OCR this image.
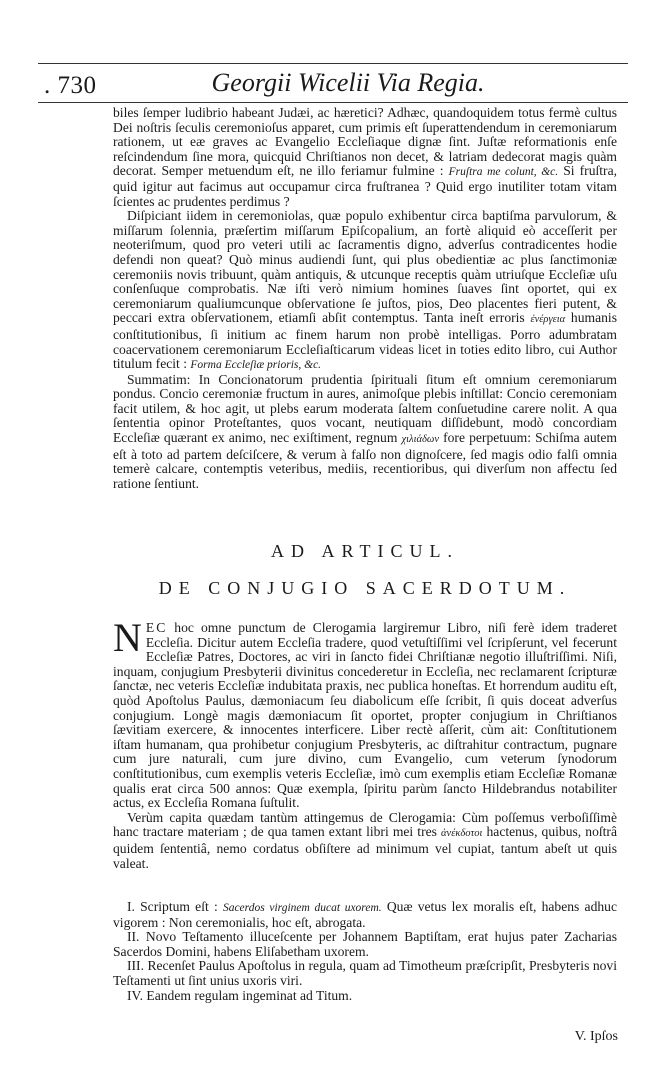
. 730	Georgii Wicelii Via Regia.

biles ſemper ludibrio habeant Judæi, ac hæretici? Adhæc, quandoquidem totus fermè cultus Dei noſtris ſeculis ceremonioſus apparet, cum primis eſt ſuperattendendum in ceremoniarum rationem, ut eæ graves ac Evangelio Eccleſiaque dignæ ſint. Juſtæ reformationis enſe reſcindendum ſine mora, quicquid Chriſtianos non decet, & latriam dedecorat magis quàm decorat. Semper metuendum eſt, ne illo feriamur fulmine : Fruſtra me colunt, &c. Si fruſtra, quid igitur aut facimus aut occupamur circa fruſtranea ? Quid ergo inutiliter totam vitam ſcientes ac prudentes perdimus ?

Diſpiciant iidem in ceremoniolas, quæ populo exhibentur circa baptiſma parvulorum, & miſſarum ſolennia, præſertim miſſarum Epiſcopalium, an fortè aliquid eò acceſſerit per neoteriſmum, quod pro veteri utili ac ſacramentis digno, adverſus contradicentes hodie defendi non queat? Quò minus audiendi ſunt, qui plus obedientiæ ac plus ſanctimoniæ ceremoniis novis tribuunt, quàm antiquis, & utcunque receptis quàm utriuſque Eccleſiæ uſu conſenſuque comprobatis. Næ iſti verò nimium homines ſuaves ſint oportet, qui ex ceremoniarum qualiumcunque obſervatione ſe juſtos, pios, Deo placentes fieri putent, & peccari extra obſervationem, etiamſi abſit contemptus. Tanta ineſt erroris ἐνέργεια humanis conſtitutionibus, ſi initium ac finem harum non probè intelligas. Porro adumbratam coacervationem ceremoniarum Eccleſiaſticarum videas licet in toties edito libro, cui Author titulum fecit : Forma Eccleſiæ prioris, &c.

Summatim: In Concionatorum prudentia ſpirituali ſitum eſt omnium ceremoniarum pondus. Concio ceremoniæ fructum in aures, animoſque plebis inſtillat: Concio ceremoniam facit utilem, & hoc agit, ut plebs earum moderata ſaltem conſuetudine carere nolit. A qua ſententia opinor Proteſtantes, quos vocant, neutiquam diſſidebunt, modò concordiam Eccleſiæ quærant ex animo, nec exiſtiment, regnum χιλιάδων fore perpetuum: Schiſma autem eſt à toto ad partem deſciſcere, & verum à falſo non dignoſcere, ſed magis odio falſi omnia temerè calcare, contemptis veteribus, mediis, recentioribus, qui diverſum non affectu ſed ratione ſentiunt.

AD ARTICUL.
DE CONJUGIO SACERDOTUM.

NEC hoc omne punctum de Clerogamia largiremur Libro, niſi ferè idem traderet Eccleſia. Dicitur autem Eccleſia tradere, quod vetuſtiſſimi vel ſcripſerunt, vel fecerunt Eccleſiæ Patres, Doctores, ac viri in ſancto fidei Chriſtianæ negotio illuſtriſſimi. Niſi, inquam, conjugium Presbyterii divinitus concederetur in Eccleſia, nec reclamarent ſcripturæ ſanctæ, nec veteris Eccleſiæ indubitata praxis, nec publica honeſtas. Et horrendum auditu eſt, quòd Apoſtolus Paulus, dæmoniacum ſeu diabolicum eſſe ſcribit, ſi quis doceat adverſus conjugium. Longè magis dæmoniacum ſit oportet, propter conjugium in Chriſtianos ſævitiam exercere, & innocentes interficere. Liber rectè aſſerit, cùm ait: Conſtitutionem iſtam humanam, qua prohibetur conjugium Presbyteris, ac diſtrahitur contractum, pugnare cum jure naturali, cum jure divino, cum Evangelio, cum veterum ſynodorum conſtitutionibus, cum exemplis veteris Eccleſiæ, imò cum exemplis etiam Eccleſiæ Romanæ qualis erat circa 500 annos: Quæ exempla, ſpiritu parùm ſancto Hildebrandus notabiliter actus, ex Eccleſia Romana ſuſtulit.

Verùm capita quædam tantùm attingemus de Clerogamia: Cùm poſſemus verboſiſſimè hanc tractare materiam ; de qua tamen extant libri mei tres ἀνέκδοτοι hactenus, quibus, noſtrâ quidem ſententiâ, nemo cordatus obſiſtere ad minimum vel cupiat, tantum abeſt ut quis valeat.

I. Scriptum eſt : Sacerdos virginem ducat uxorem. Quæ vetus lex moralis eſt, habens adhuc vigorem : Non ceremonialis, hoc eſt, abrogata.

II. Novo Teſtamento illuceſcente per Johannem Baptiſtam, erat hujus pater Zacharias Sacerdos Domini, habens Eliſabetham uxorem.

III. Recenſet Paulus Apoſtolus in regula, quam ad Timotheum præſcripſit, Presbyteris novi Teſtamenti ut ſint unius uxoris viri.

IV. Eandem regulam ingeminat ad Titum.

V. Ipſos
